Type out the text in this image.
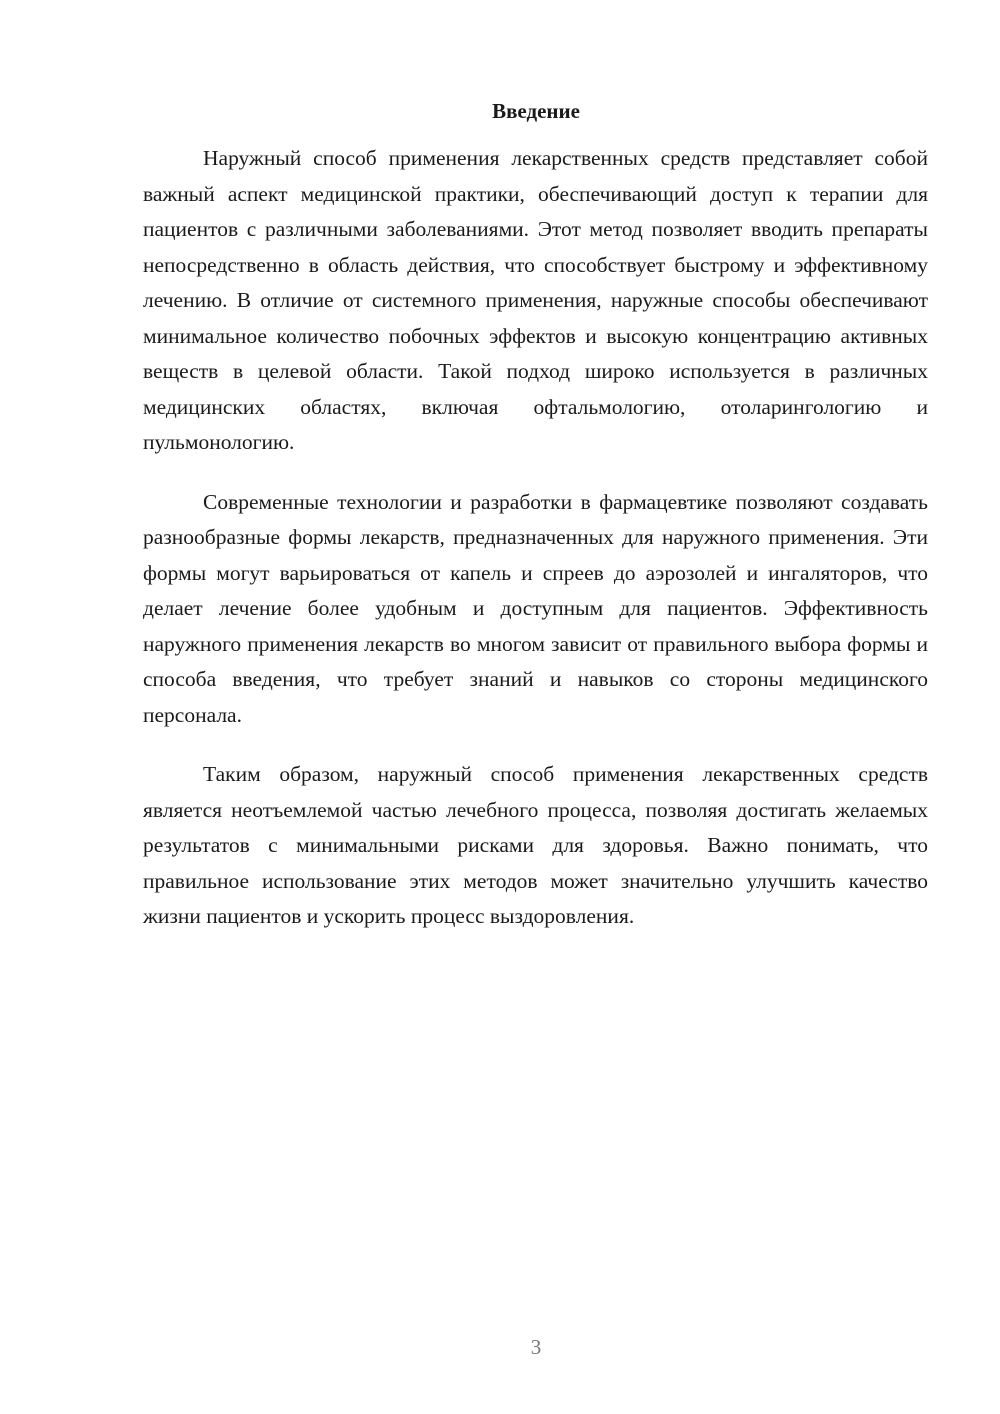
Введение

Наружный способ применения лекарственных средств представляет собой важный аспект медицинской практики, обеспечивающий доступ к терапии для пациентов с различными заболеваниями. Этот метод позволяет вводить препараты непосредственно в область действия, что способствует быстрому и эффективному лечению. В отличие от системного применения, наружные способы обеспечивают минимальное количество побочных эффектов и высокую концентрацию активных веществ в целевой области. Такой подход широко используется в различных медицинских областях, включая офтальмологию, отоларингологию и пульмонологию.

Современные технологии и разработки в фармацевтике позволяют создавать разнообразные формы лекарств, предназначенных для наружного применения. Эти формы могут варьироваться от капель и спреев до аэрозолей и ингаляторов, что делает лечение более удобным и доступным для пациентов. Эффективность наружного применения лекарств во многом зависит от правильного выбора формы и способа введения, что требует знаний и навыков со стороны медицинского персонала.

Таким образом, наружный способ применения лекарственных средств является неотъемлемой частью лечебного процесса, позволяя достигать желаемых результатов с минимальными рисками для здоровья. Важно понимать, что правильное использование этих методов может значительно улучшить качество жизни пациентов и ускорить процесс выздоровления.

3
